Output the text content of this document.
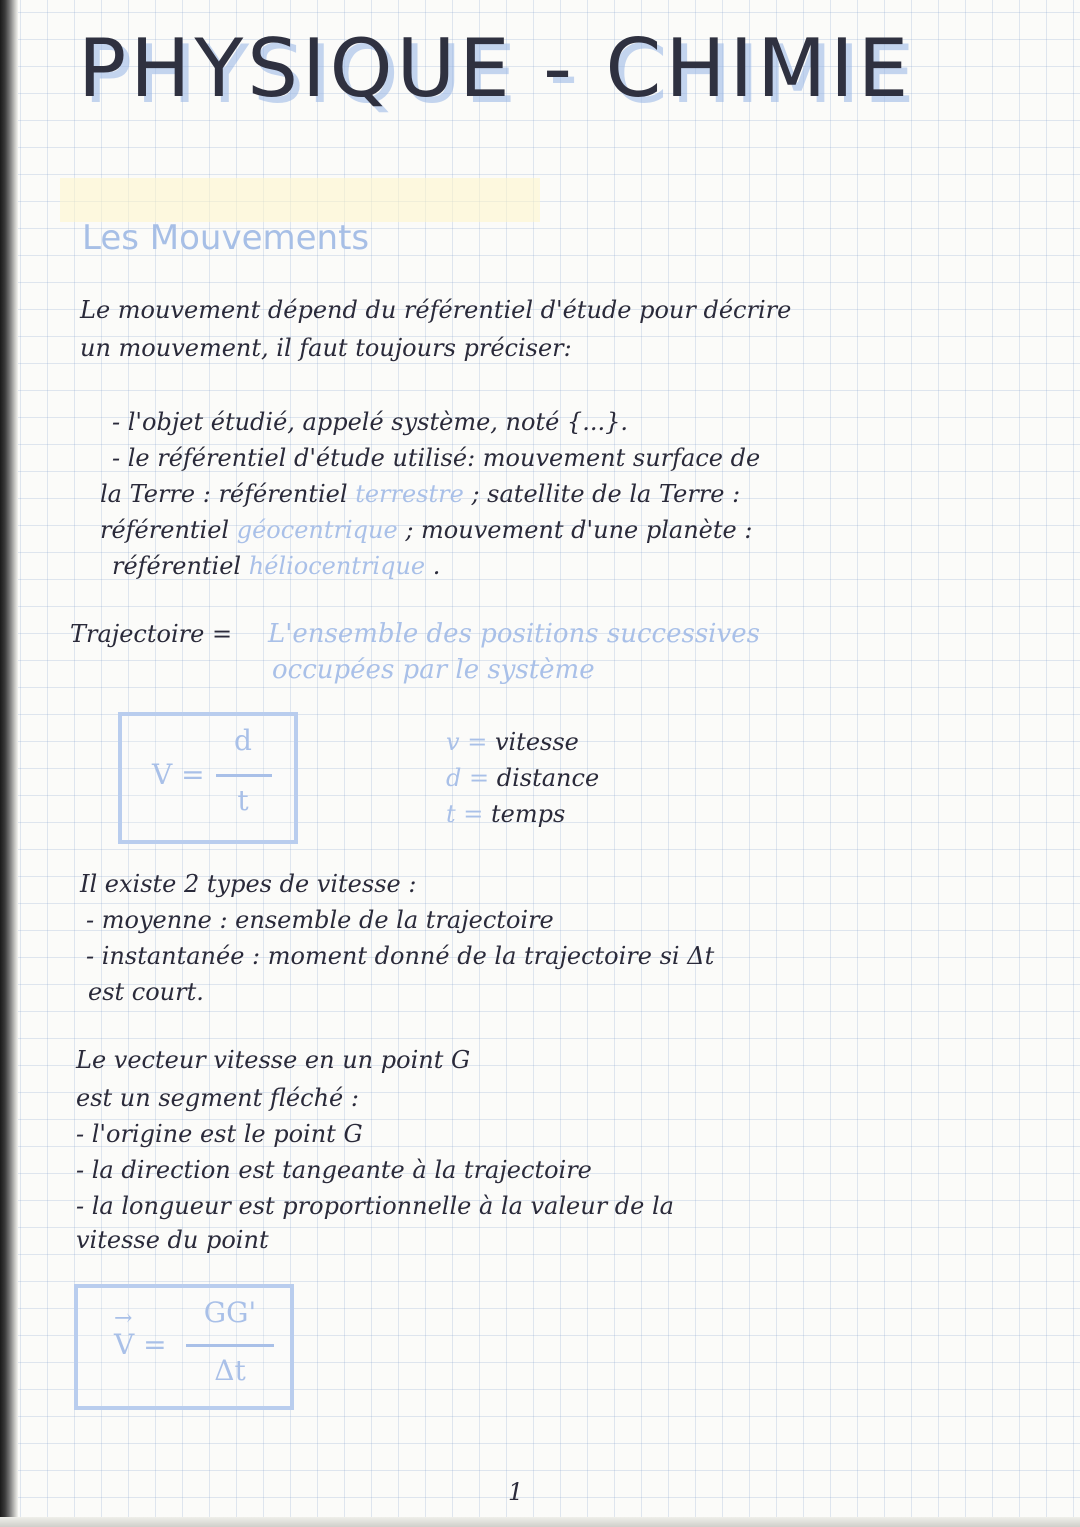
PHYSIQUE - CHIMIE
Les Mouvements

Le mouvement dépend du référentiel d'étude pour décrire

un mouvement, il faut toujours préciser:

- l'objet étudié, appelé système, noté {...}.

- le référentiel d'étude utilisé: mouvement surface de

la Terre : référentiel terrestre ; satellite de la Terre :

référentiel géocentrique ; mouvement d'une planète :

référentiel héliocentrique .

Trajectoire = L'ensemble des positions successives

occupées par le système

V =
d
t

v = vitesse

d = distance

t = temps

Il existe 2 types de vitesse :

- moyenne : ensemble de la trajectoire

- instantanée : moment donné de la trajectoire si Δt

est court.

Le vecteur vitesse en un point G

est un segment fléché :

- l'origine est le point G

- la direction est tangeante à la trajectoire

- la longueur est proportionnelle à la valeur de la

vitesse du point

→
V =
GG'
Δt

1
